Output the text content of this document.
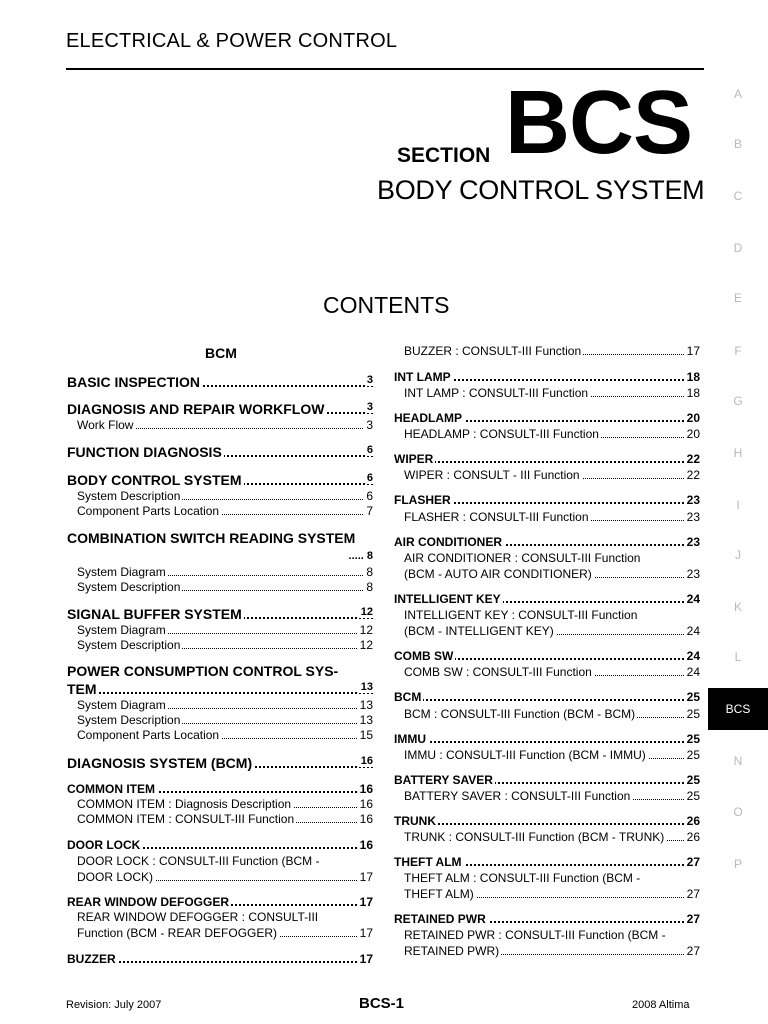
ELECTRICAL & POWER CONTROL
SECTION BCS
BODY CONTROL SYSTEM
CONTENTS
A
B
C
D
E
F
G
H
I
J
K
L
BCS
N
O
P
BCM
BASIC INSPECTION	3
DIAGNOSIS AND REPAIR WORKFLOW	3
Work Flow	3
FUNCTION DIAGNOSIS	6
BODY CONTROL SYSTEM	6
System Description	6
Component Parts Location	7
COMBINATION SWITCH READING SYSTEM
..... 8
System Diagram	8
System Description	8
SIGNAL BUFFER SYSTEM	12
System Diagram	12
System Description	12
POWER CONSUMPTION CONTROL SYS-
TEM	13
System Diagram	13
System Description	13
Component Parts Location	15
DIAGNOSIS SYSTEM (BCM)	16
COMMON ITEM	16
COMMON ITEM : Diagnosis Description	16
COMMON ITEM : CONSULT-III Function	16
DOOR LOCK	16
DOOR LOCK : CONSULT-III Function (BCM -
DOOR LOCK)	17
REAR WINDOW DEFOGGER	17
REAR WINDOW DEFOGGER : CONSULT-III
Function (BCM - REAR DEFOGGER)	17
BUZZER	17
BUZZER : CONSULT-III Function	17
INT LAMP	18
INT LAMP : CONSULT-III Function	18
HEADLAMP	20
HEADLAMP : CONSULT-III Function	20
WIPER	22
WIPER : CONSULT - III Function	22
FLASHER	23
FLASHER : CONSULT-III Function	23
AIR CONDITIONER	23
AIR CONDITIONER : CONSULT-III Function
(BCM - AUTO AIR CONDITIONER)	23
INTELLIGENT KEY	24
INTELLIGENT KEY : CONSULT-III Function
(BCM - INTELLIGENT KEY)	24
COMB SW	24
COMB SW : CONSULT-III Function	24
BCM	25
BCM : CONSULT-III Function (BCM - BCM)	25
IMMU	25
IMMU : CONSULT-III Function (BCM - IMMU)	25
BATTERY SAVER	25
BATTERY SAVER : CONSULT-III Function	25
TRUNK	26
TRUNK : CONSULT-III Function (BCM - TRUNK) 26
THEFT ALM	27
THEFT ALM : CONSULT-III Function (BCM -
THEFT ALM)	27
RETAINED PWR	27
RETAINED PWR : CONSULT-III Function (BCM -
RETAINED PWR)	27
Revision: July 2007	BCS-1	2008 Altima
